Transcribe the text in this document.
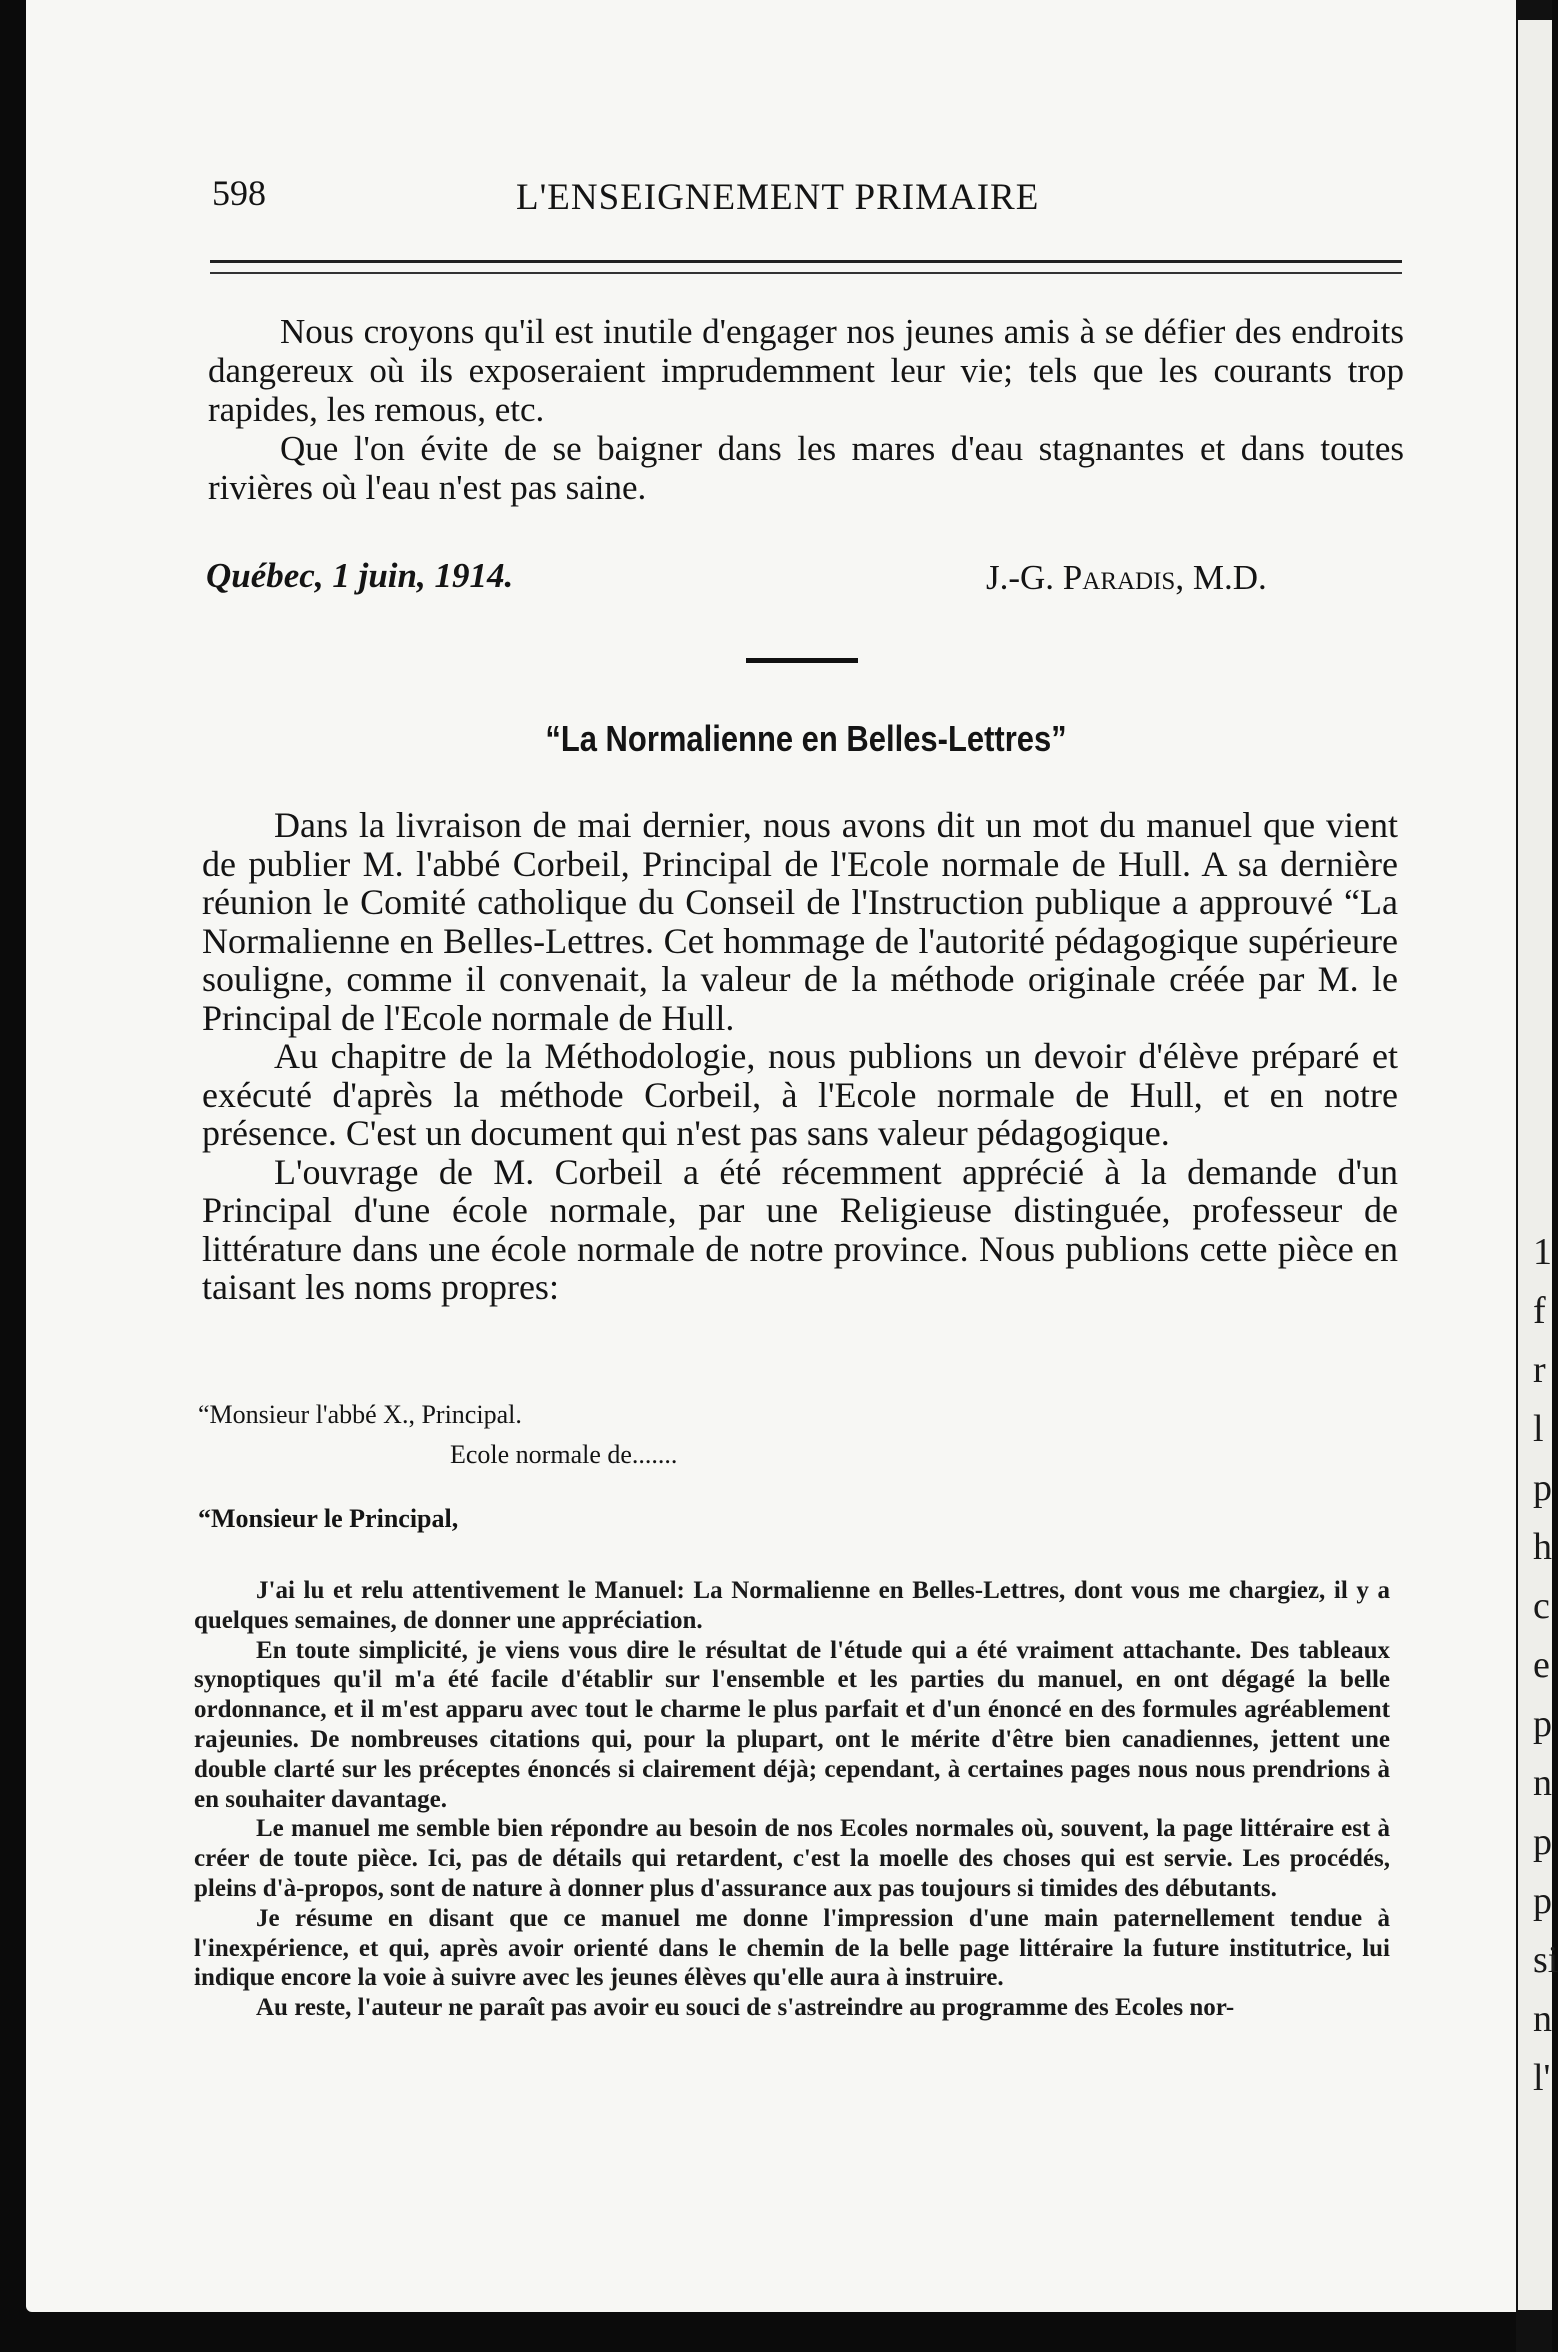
1
f
r
l
p
h
c
e
p
n
p
p
si
n
l'
598	L'ENSEIGNEMENT PRIMAIRE

Nous croyons qu'il est inutile d'engager nos jeunes amis à se défier des endroits dangereux où ils exposeraient imprudemment leur vie; tels que les courants trop rapides, les remous, etc.

Que l'on évite de se baigner dans les mares d'eau stagnantes et dans toutes rivières où l'eau n'est pas saine.

Québec, 1 juin, 1914.	J.-G. Paradis, M.D.
“La Normalienne en Belles-Lettres”

Dans la livraison de mai dernier, nous avons dit un mot du manuel que vient de publier M. l'abbé Corbeil, Principal de l'Ecole normale de Hull. A sa dernière réunion le Comité catholique du Conseil de l'Instruction publique a approuvé “La Normalienne en Belles-Lettres. Cet hommage de l'autorité pédagogique supérieure souligne, comme il convenait, la valeur de la méthode originale créée par M. le Principal de l'Ecole normale de Hull.

Au chapitre de la Méthodologie, nous publions un devoir d'élève préparé et exécuté d'après la méthode Corbeil, à l'Ecole normale de Hull, et en notre présence. C'est un document qui n'est pas sans valeur pédagogique.

L'ouvrage de M. Corbeil a été récemment apprécié à la demande d'un Principal d'une école normale, par une Religieuse distinguée, professeur de littérature dans une école normale de notre province. Nous publions cette pièce en taisant les noms propres:

“Monsieur l'abbé X., Principal.
Ecole normale de.......
“Monsieur le Principal,

J'ai lu et relu attentivement le Manuel: La Normalienne en Belles-Lettres, dont vous me chargiez, il y a quelques semaines, de donner une appréciation.

En toute simplicité, je viens vous dire le résultat de l'étude qui a été vraiment attachante. Des tableaux synoptiques qu'il m'a été facile d'établir sur l'ensemble et les parties du manuel, en ont dégagé la belle ordonnance, et il m'est apparu avec tout le charme le plus parfait et d'un énoncé en des formules agréablement rajeunies. De nombreuses citations qui, pour la plupart, ont le mérite d'être bien canadiennes, jettent une double clarté sur les préceptes énoncés si clairement déjà; cependant, à certaines pages nous nous prendrions à en souhaiter davantage.

Le manuel me semble bien répondre au besoin de nos Ecoles normales où, souvent, la page littéraire est à créer de toute pièce. Ici, pas de détails qui retardent, c'est la moelle des choses qui est servie. Les procédés, pleins d'à-propos, sont de nature à donner plus d'assurance aux pas toujours si timides des débutants.

Je résume en disant que ce manuel me donne l'impression d'une main paternellement tendue à l'inexpérience, et qui, après avoir orienté dans le chemin de la belle page littéraire la future institutrice, lui indique encore la voie à suivre avec les jeunes élèves qu'elle aura à instruire.

Au reste, l'auteur ne paraît pas avoir eu souci de s'astreindre au programme des Ecoles nor-
